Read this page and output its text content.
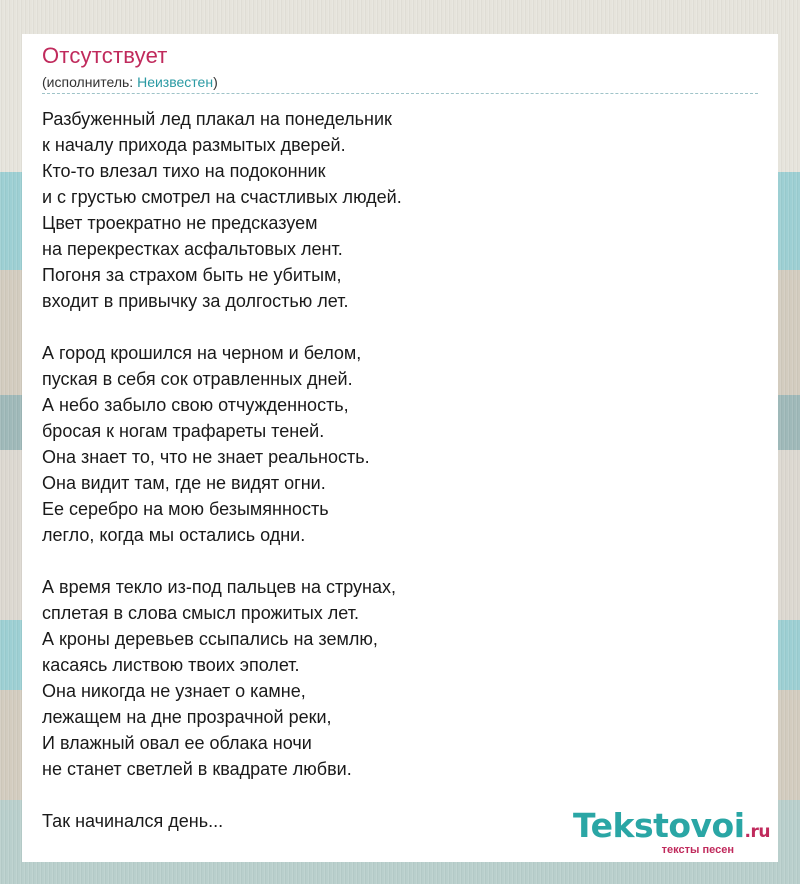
Отсутствует
(исполнитель: Неизвестен)
Разбуженный лед плакал на понедельник
к началу прихода размытых дверей.
Кто-то влезал тихо на подоконник
и с грустью смотрел на счастливых людей.
Цвет троекратно не предсказуем
на перекрестках асфальтовых лент.
Погоня за страхом быть не убитым,
входит в привычку за долгостью лет.
А город крошился на черном и белом,
пуская в себя сок отравленных дней.
А небо забыло свою отчужденность,
бросая к ногам трафареты теней.
Она знает то, что не знает реальность.
Она видит там, где не видят огни.
Ее серебро на мою безымянность
легло, когда мы остались одни.
А время текло из-под пальцев на струнах,
сплетая в слова смысл прожитых лет.
А кроны деревьев ссыпались на землю,
касаясь листвою твоих эполет.
Она никогда не узнает о камне,
лежащем на дне прозрачной реки,
И влажный овал ее облака ночи
не станет светлей в квадрате любви.
Так начинался день...	Tekstovoi.ru
тексты песен
